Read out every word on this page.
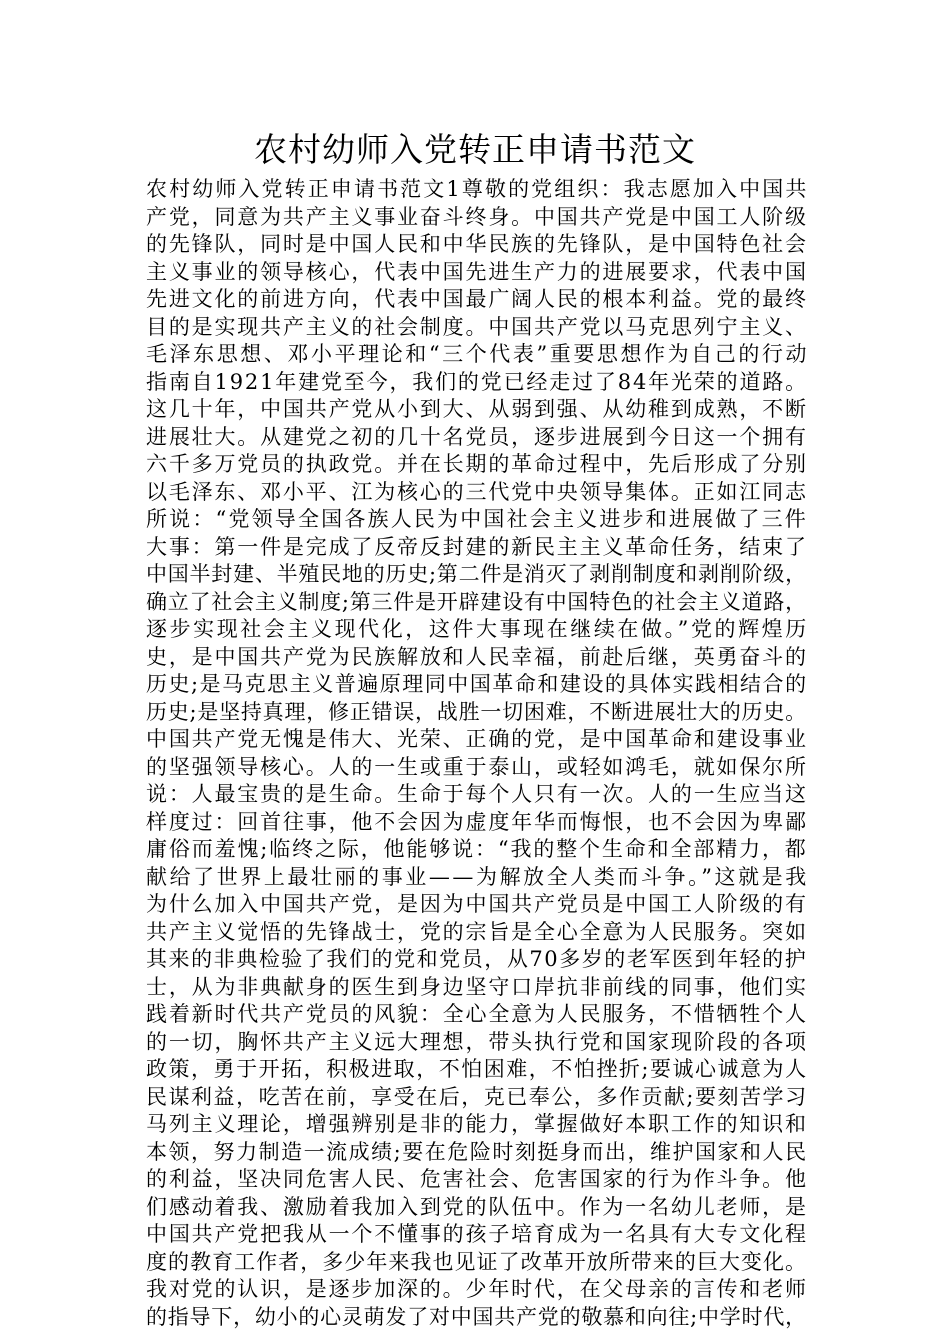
农村幼师入党转正申请书范文
农村幼师入党转正申请书范文1尊敬的党组织：我志愿加入中国共
产党，同意为共产主义事业奋斗终身。中国共产党是中国工人阶级
的先锋队，同时是中国人民和中华民族的先锋队，是中国特色社会
主义事业的领导核心，代表中国先进生产力的进展要求，代表中国
先进文化的前进方向，代表中国最广阔人民的根本利益。党的最终
目的是实现共产主义的社会制度。中国共产党以马克思列宁主义、
毛泽东思想、邓小平理论和“三个代表”重要思想作为自己的行动
指南自1921年建党至今，我们的党已经走过了84年光荣的道路。
这几十年，中国共产党从小到大、从弱到强、从幼稚到成熟，不断
进展壮大。从建党之初的几十名党员，逐步进展到今日这一个拥有
六千多万党员的执政党。并在长期的革命过程中，先后形成了分别
以毛泽东、邓小平、江为核心的三代党中央领导集体。正如江同志
所说：“党领导全国各族人民为中国社会主义进步和进展做了三件
大事：第一件是完成了反帝反封建的新民主主义革命任务，结束了
中国半封建、半殖民地的历史;第二件是消灭了剥削制度和剥削阶级，
确立了社会主义制度;第三件是开辟建设有中国特色的社会主义道路，
逐步实现社会主义现代化，这件大事现在继续在做。”党的辉煌历
史，是中国共产党为民族解放和人民幸福，前赴后继，英勇奋斗的
历史;是马克思主义普遍原理同中国革命和建设的具体实践相结合的
历史;是坚持真理，修正错误，战胜一切困难，不断进展壮大的历史。
中国共产党无愧是伟大、光荣、正确的党，是中国革命和建设事业
的坚强领导核心。人的一生或重于泰山，或轻如鸿毛，就如保尔所
说：人最宝贵的是生命。生命于每个人只有一次。人的一生应当这
样度过：回首往事，他不会因为虚度年华而悔恨，也不会因为卑鄙
庸俗而羞愧;临终之际，他能够说：“我的整个生命和全部精力，都
献给了世界上最壮丽的事业——为解放全人类而斗争。”这就是我
为什么加入中国共产党，是因为中国共产党员是中国工人阶级的有
共产主义觉悟的先锋战士，党的宗旨是全心全意为人民服务。突如
其来的非典检验了我们的党和党员，从70多岁的老军医到年轻的护
士，从为非典献身的医生到身边坚守口岸抗非前线的同事，他们实
践着新时代共产党员的风貌：全心全意为人民服务，不惜牺牲个人
的一切，胸怀共产主义远大理想，带头执行党和国家现阶段的各项
政策，勇于开拓，积极进取，不怕困难，不怕挫折;要诚心诚意为人
民谋利益，吃苦在前，享受在后，克已奉公，多作贡献;要刻苦学习
马列主义理论，增强辨别是非的能力，掌握做好本职工作的知识和
本领，努力制造一流成绩;要在危险时刻挺身而出，维护国家和人民
的利益，坚决同危害人民、危害社会、危害国家的行为作斗争。他
们感动着我、激励着我加入到党的队伍中。作为一名幼儿老师，是
中国共产党把我从一个不懂事的孩子培育成为一名具有大专文化程
度的教育工作者，多少年来我也见证了改革开放所带来的巨大变化。
我对党的认识，是逐步加深的。少年时代，在父母亲的言传和老师
的指导下，幼小的心灵萌发了对中国共产党的敬慕和向往;中学时代，
